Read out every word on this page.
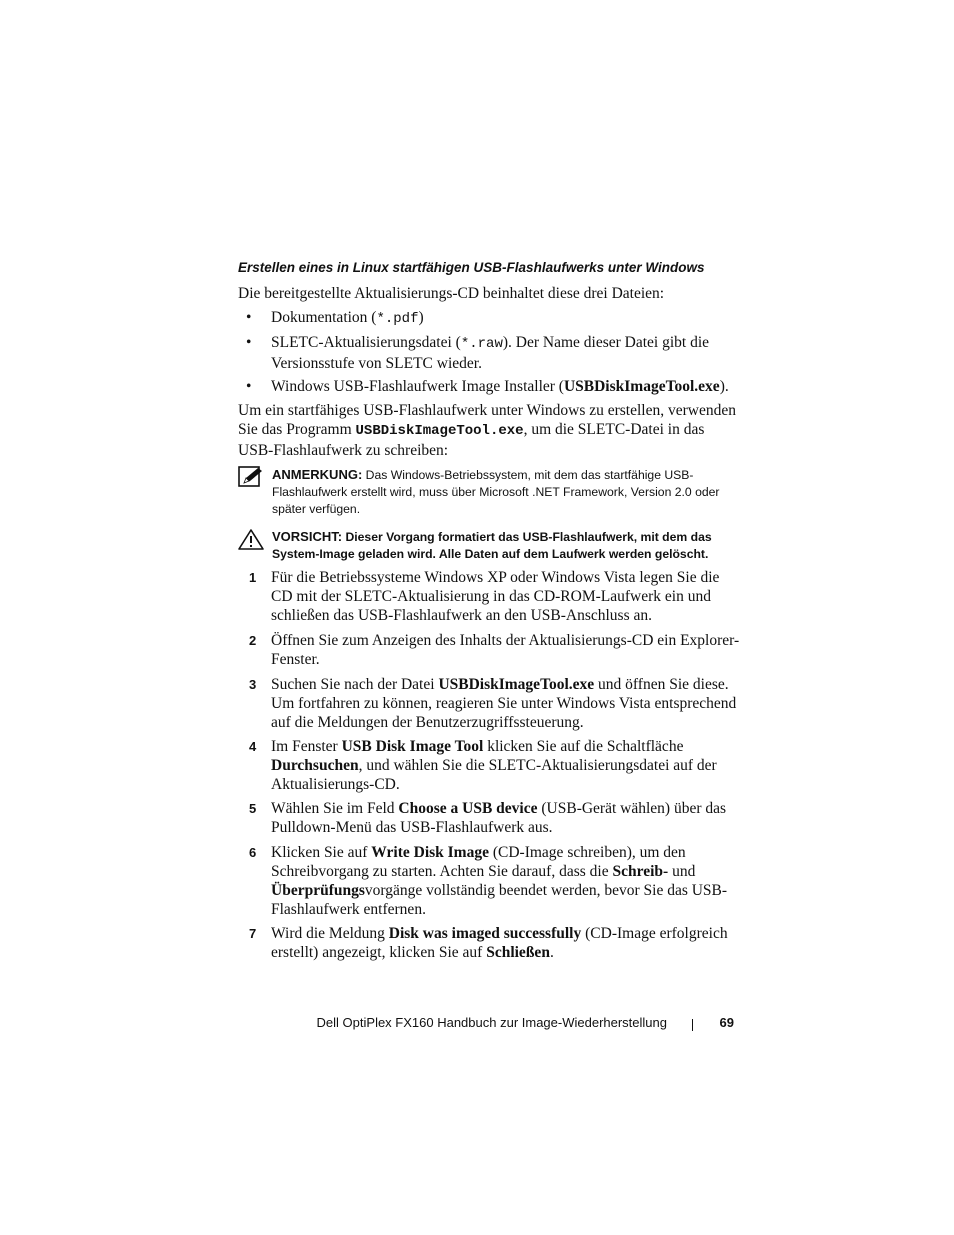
Erstellen eines in Linux startfähigen USB-Flashlaufwerks unter Windows
Die bereitgestellte Aktualisierungs-CD beinhaltet diese drei Dateien:
• Dokumentation (*.pdf)
• SLETC-Aktualisierungsdatei (*.raw). Der Name dieser Datei gibt die Versionsstufe von SLETC wieder.
• Windows USB-Flashlaufwerk Image Installer (USBDiskImageTool.exe).
Um ein startfähiges USB-Flashlaufwerk unter Windows zu erstellen, verwenden Sie das Programm USBDiskImageTool.exe, um die SLETC-Datei in das USB-Flashlaufwerk zu schreiben:
ANMERKUNG: Das Windows-Betriebssystem, mit dem das startfähige USB-Flashlaufwerk erstellt wird, muss über Microsoft .NET Framework, Version 2.0 oder später verfügen.
VORSICHT: Dieser Vorgang formatiert das USB-Flashlaufwerk, mit dem das System-Image geladen wird. Alle Daten auf dem Laufwerk werden gelöscht.
1 Für die Betriebssysteme Windows XP oder Windows Vista legen Sie die CD mit der SLETC-Aktualisierung in das CD-ROM-Laufwerk ein und schließen das USB-Flashlaufwerk an den USB-Anschluss an.
2 Öffnen Sie zum Anzeigen des Inhalts der Aktualisierungs-CD ein Explorer-Fenster.
3 Suchen Sie nach der Datei USBDiskImageTool.exe und öffnen Sie diese. Um fortfahren zu können, reagieren Sie unter Windows Vista entsprechend auf die Meldungen der Benutzerzugriffssteuerung.
4 Im Fenster USB Disk Image Tool klicken Sie auf die Schaltfläche Durchsuchen, und wählen Sie die SLETC-Aktualisierungsdatei auf der Aktualisierungs-CD.
5 Wählen Sie im Feld Choose a USB device (USB-Gerät wählen) über das Pulldown-Menü das USB-Flashlaufwerk aus.
6 Klicken Sie auf Write Disk Image (CD-Image schreiben), um den Schreibvorgang zu starten. Achten Sie darauf, dass die Schreib- und Überprüfungsvorgänge vollständig beendet werden, bevor Sie das USB-Flashlaufwerk entfernen.
7 Wird die Meldung Disk was imaged successfully (CD-Image erfolgreich erstellt) angezeigt, klicken Sie auf Schließen.
Dell OptiPlex FX160 Handbuch zur Image-Wiederherstellung	69
